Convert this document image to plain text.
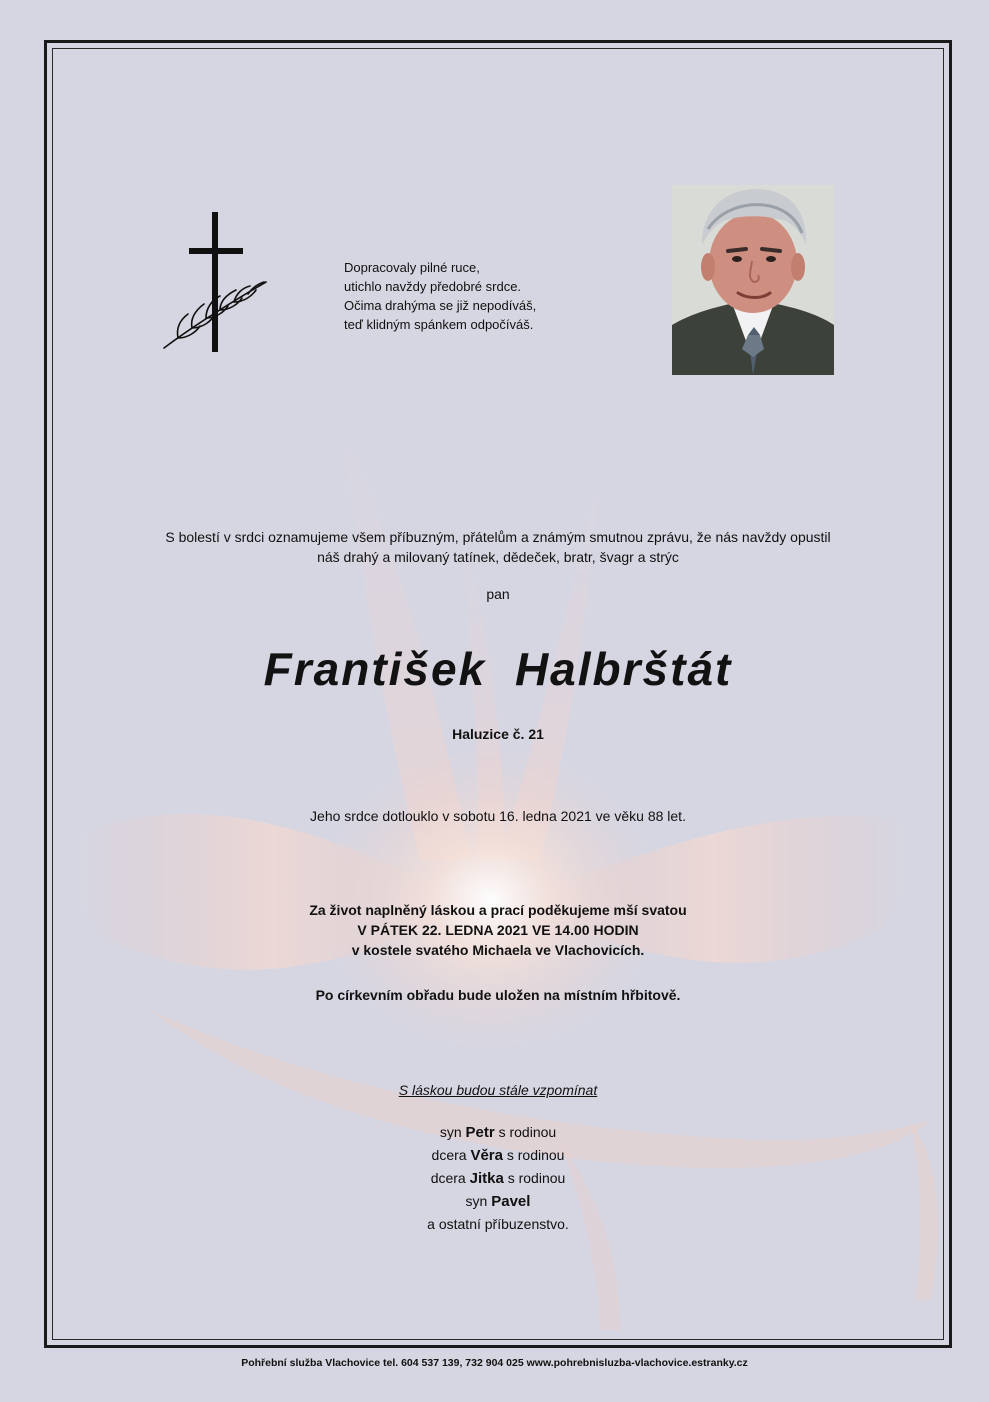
Dopracovaly pilné ruce,
utichlo navždy předobré srdce.
Očima drahýma se již nepodíváš,
teď klidným spánkem odpočíváš.
S bolestí v srdci oznamujeme všem příbuzným, přátelům a známým smutnou zprávu, že nás navždy opustil
náš drahý a milovaný tatínek, dědeček, bratr, švagr a strýc
pan
František Halbrštát
Haluzice č. 21
Jeho srdce dotlouklo v sobotu 16. ledna 2021 ve věku 88 let.
Za život naplněný láskou a prací poděkujeme mší svatou
V PÁTEK 22. LEDNA 2021 VE 14.00 HODIN
v kostele svatého Michaela ve Vlachovicích.
Po církevním obřadu bude uložen na místním hřbitově.
S láskou budou stále vzpomínat
syn Petr s rodinou
dcera Věra s rodinou
dcera Jitka s rodinou
syn Pavel
a ostatní příbuzenstvo.
Pohřební služba Vlachovice tel. 604 537 139, 732 904 025 www.pohrebnisluzba-vlachovice.estranky.cz
